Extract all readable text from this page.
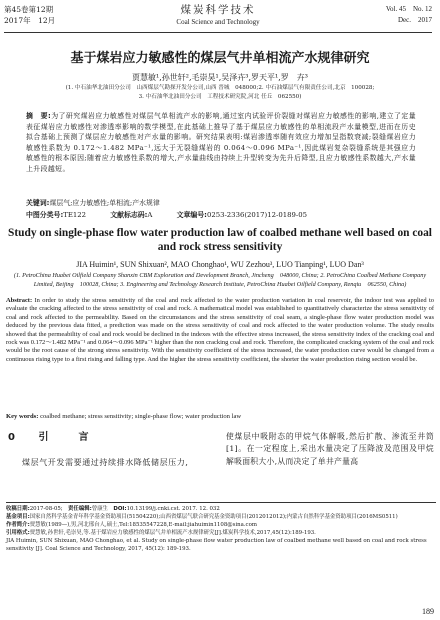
第45卷第12期
2017年　12月
煤炭科学技术
Coal Science and Technology
Vol. 45　No. 12
Dec.　2017
基于煤岩应力敏感性的煤层气井单相流产水规律研究
贾慧敏¹,孙世轩²,毛崇昊¹,吴泽卉³,罗天平¹,罗　卉³
(1. 中石油华北油田分公司　山西煤层气勘探开发分公司,山西 晋城　048000;2. 中石油煤层气有限责任公司,北京　100028;
3. 中石油华北油田分公司　工程技术研究院,河北 任丘　062550)
摘　要:为了研究煤岩应力敏感性对煤层气单相流产水的影响,通过室内试验评价裂缝对煤岩应力敏感性的影响,建立了定量表征煤岩应力敏感性对渗透率影响的数学模型,在此基础上推导了基于煤层应力敏感性的单相流段产水量模型,进而在历史拟合基础上预测了煤层应力敏感性对产水量的影响。研究结果表明:煤岩渗透率随有效应力增加呈指数衰减;裂缝煤岩应力敏感性系数为 0.172～1.482 MPa⁻¹,远大于无裂缝煤岩的 0.064～0.096 MPa⁻¹,因此煤岩复杂裂缝系统是其强应力敏感性的根本原因;随着应力敏感性系数的增大,产水量曲线由持续上升型转变为先升后降型,且应力敏感性系数越大,产水量上升段越短。
关键词:煤层气;应力敏感性;单相流;产水规律
中图分类号:TE122	文献标志码:A	文章编号:0253-2336(2017)12-0189-05
Study on single-phase flow water production law of coalbed methane well based on coal and rock stress sensitivity
JIA Huimin¹, SUN Shixuan², MAO Chonghao¹, WU Zezhou³, LUO Tianping¹, LUO Dan³
(1. PetroChina Huabei Oilfield Company Shanxin CBM Exploration and Development Branch, Jincheng　048000, China; 2. PetroChina Coalbed Methane Company Limited, Beijing　100028, China; 3. Engineering and Technology Research Institute, PetroChina Huabei Oilfield Company, Renqiu　062550, China)
Abstract: In order to study the stress sensitivity of the coal and rock affected to the water production variation in coal reservoir, the indoor test was applied to evaluate the cracking affected to the stress sensitivity of coal and rock. A mathematical model was established to quantitatively characterize the stress sensitivity of coal and rock affected to the permeability. Based on the circumstances and the stress sensitivity of coal seam, a single-phase flow water production model was deduced by the previous data fitted, a prediction was made on the stress sensitivity of coal and rock affected to the water production volume. The study results showed that the permeability of coal and rock would be declined in the indexes with the effective stress increased, the stress sensitivity index of the cracking coal and rock was 0.172～1.482 MPa⁻¹ and 0.064～0.096 MPa⁻¹ higher than the non cracking coal and rock. Therefore, the complicated cracking system of the coal and rock would be the root cause of the strong stress sensitivity. With the sensitivity coefficient of the stress increased, the water production curve would be changed from a continuous rising type to a first rising and falling type. And the higher the stress sensitivity coefficient, the shorter the water production rising section would be.
Key words: coalbed methane; stress sensitivity; single-phase flow; water production law
0 引　言

煤层气开发需要通过持续排水降低储层压力,

使煤层中吸附态的甲烷气体解吸,然后扩散、渗流至井筒[1]。在一定程度上,采出水量决定了压降波及范围及甲烷解吸面积大小,从而决定了单井产量高
收稿日期:2017-08-05;　 责任编辑:曾康生　 DOI:10.13199/j.cnki.cst. 2017. 12. 032
基金项目:国家自然科学基金青年科学基金资助项目(51504220);山西省煤层气联合研究基金资助项目(2012012012);内蒙古自然科学基金资助项目(2016MS0511)
作者简介:贾慧敏(1989—),男,河北邢台人,硕士,Tel:18535547228,E-mail:jiahuimin1108@sina.com
引用格式:贾慧敏,孙世轩,毛崇昊,等.基于煤岩应力敏感性的煤层气井单相流产水规律研究[J].煤炭科学技术,2017,45(12):189-193.
JIA Huimin, SUN Shixuan, MAO Chonghao, et al. Study on single-phase flow water production law of coalbed methane well based on coal and rock stress sensitivity [J]. Coal Science and Technology, 2017, 45(12): 189-193.
189
